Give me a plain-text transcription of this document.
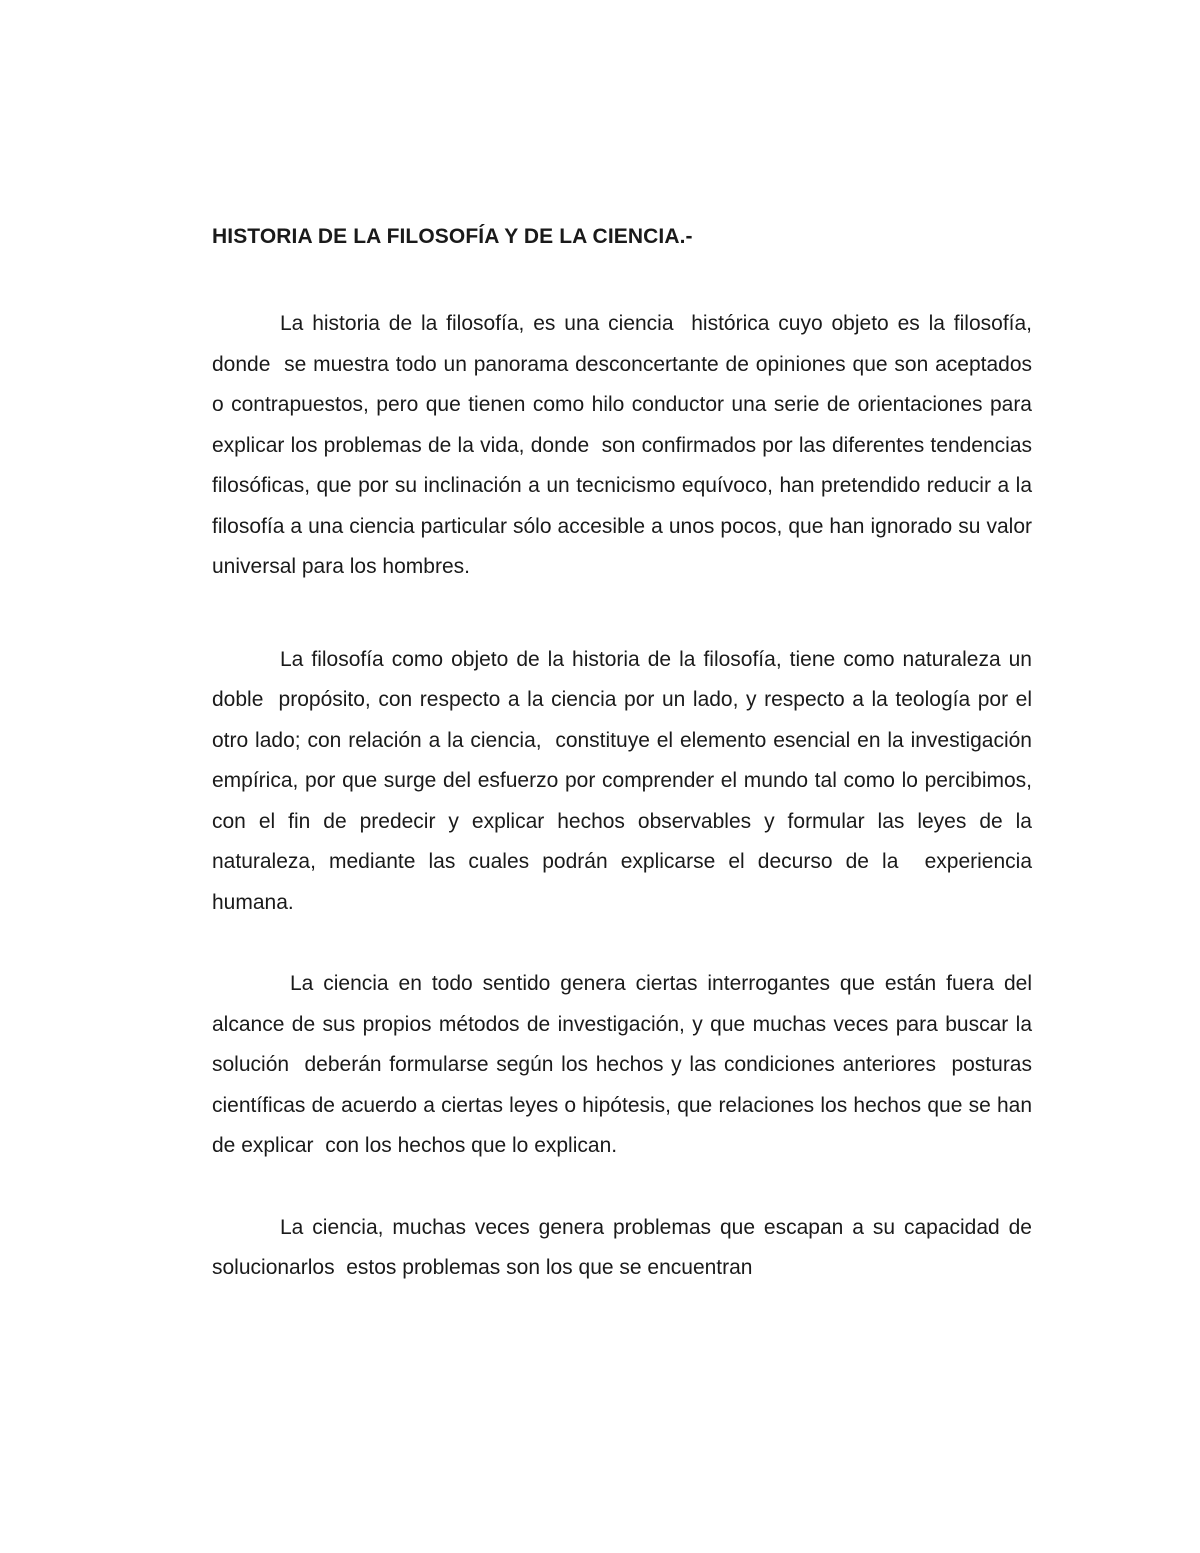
HISTORIA DE LA FILOSOFÍA Y DE LA CIENCIA.-

La historia de la filosofía, es una ciencia  histórica cuyo objeto es la filosofía, donde  se muestra todo un panorama desconcertante de opiniones que son aceptados o contrapuestos, pero que tienen como hilo conductor una serie de orientaciones para explicar los problemas de la vida, donde  son confirmados por las diferentes tendencias filosóficas, que por su inclinación a un tecnicismo equívoco, han pretendido reducir a la filosofía a una ciencia particular sólo accesible a unos pocos, que han ignorado su valor universal para los hombres.

La filosofía como objeto de la historia de la filosofía, tiene como naturaleza un doble  propósito, con respecto a la ciencia por un lado, y respecto a la teología por el otro lado; con relación a la ciencia,  constituye el elemento esencial en la investigación empírica, por que surge del esfuerzo por comprender el mundo tal como lo percibimos, con el fin de predecir y explicar hechos observables y formular las leyes de la naturaleza, mediante las cuales podrán explicarse el decurso de la  experiencia humana.

La ciencia en todo sentido genera ciertas interrogantes que están fuera del alcance de sus propios métodos de investigación, y que muchas veces para buscar la solución  deberán formularse según los hechos y las condiciones anteriores  posturas  científicas de acuerdo a ciertas leyes o hipótesis, que relaciones los hechos que se han de explicar  con los hechos que lo explican.

La ciencia, muchas veces genera problemas que escapan a su capacidad de solucionarlos  estos problemas son los que se encuentran
